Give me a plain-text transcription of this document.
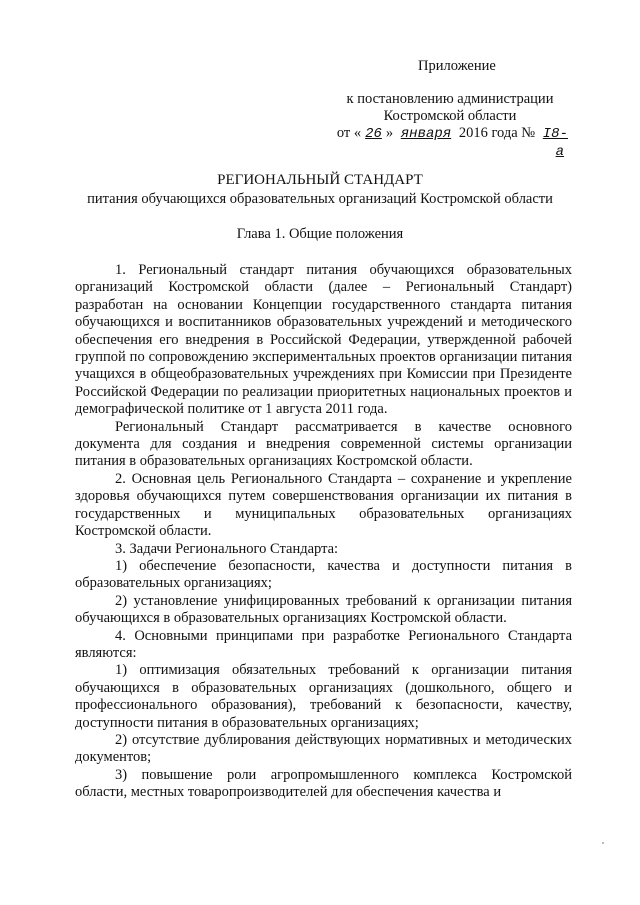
Приложение
к постановлению администрации
Костромской области
от « 26 » января 2016 года № I8-а
РЕГИОНАЛЬНЫЙ СТАНДАРТ
питания обучающихся образовательных организаций Костромской области
Глава 1. Общие положения

1. Региональный стандарт питания обучающихся образовательных организаций Костромской области (далее – Региональный Стандарт) разработан на основании Концепции государственного стандарта питания обучающихся и воспитанников образовательных учреждений и методического обеспечения его внедрения в Российской Федерации, утвержденной рабочей группой по сопровождению экспериментальных проектов организации питания учащихся в общеобразовательных учреждениях при Комиссии при Президенте Российской Федерации по реализации приоритетных национальных проектов и демографической политике от 1 августа 2011 года.

Региональный Стандарт рассматривается в качестве основного документа для создания и внедрения современной системы организации питания в образовательных организациях Костромской области.

2. Основная цель Регионального Стандарта – сохранение и укрепление здоровья обучающихся путем совершенствования организации их питания в государственных и муниципальных образовательных организациях Костромской области.

3. Задачи Регионального Стандарта:

1) обеспечение безопасности, качества и доступности питания в образовательных организациях;

2) установление унифицированных требований к организации питания обучающихся в образовательных организациях Костромской области.

4. Основными принципами при разработке Регионального Стандарта являются:

1) оптимизация обязательных требований к организации питания обучающихся в образовательных организациях (дошкольного, общего и профессионального образования), требований к безопасности, качеству, доступности питания в образовательных организациях;

2) отсутствие дублирования действующих нормативных и методических документов;

3) повышение роли агропромышленного комплекса Костромской области, местных товаропроизводителей для обеспечения качества и
